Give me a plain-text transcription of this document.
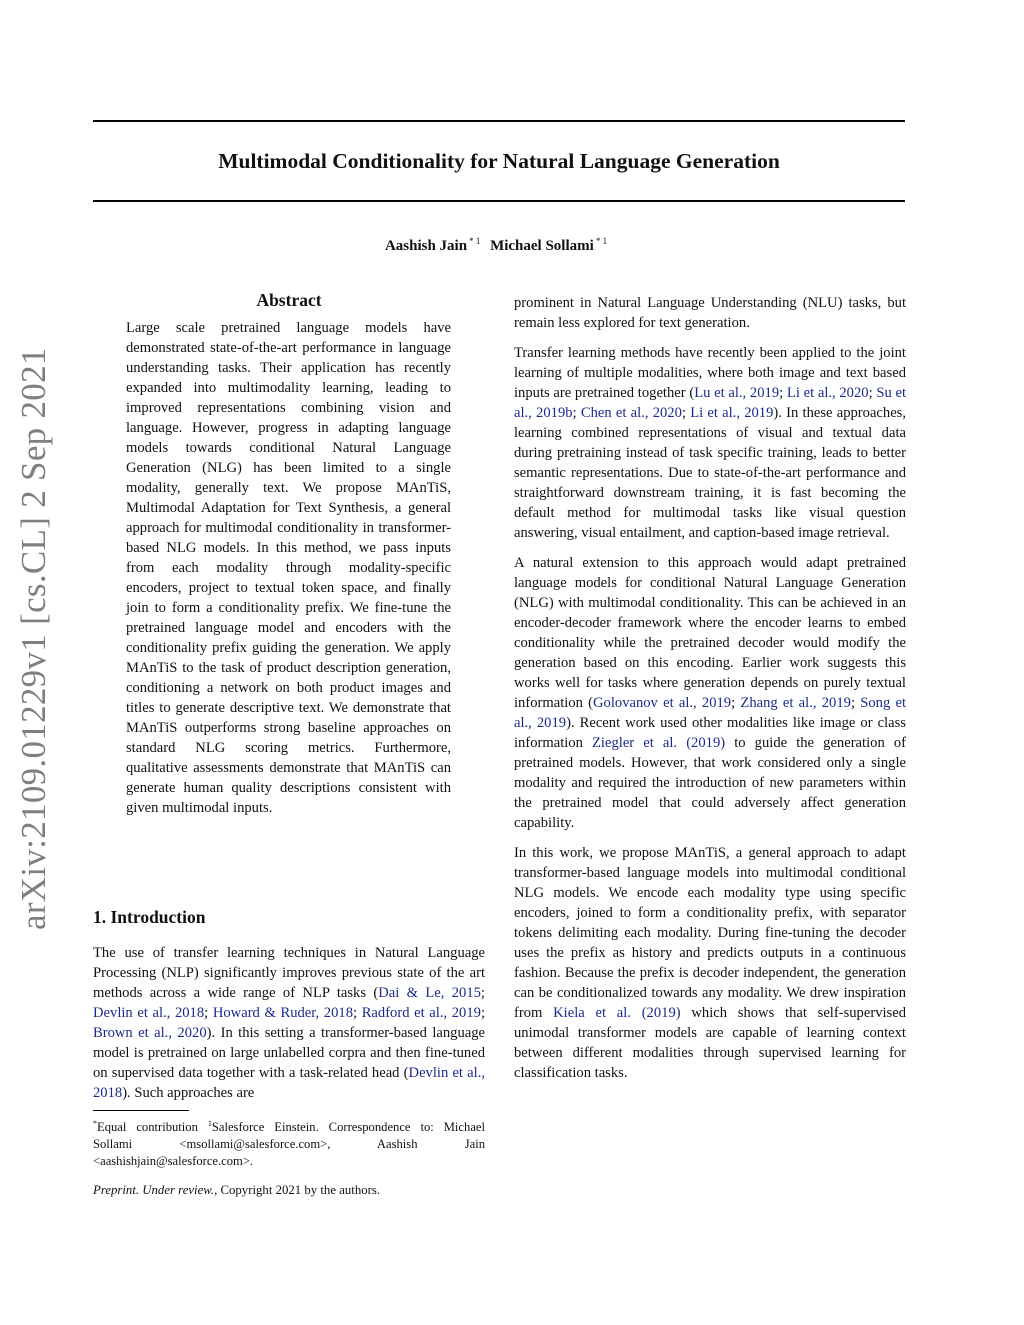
Multimodal Conditionality for Natural Language Generation
Aashish Jain $^{* 1}$ Michael Sollami $^{* 1}$
arXiv:2109.01229v1 [cs.CL] 2 Sep 2021
Abstract

Large scale pretrained language models have demonstrated state-of-the-art performance in language understanding tasks. Their application has recently expanded into multimodality learning, leading to improved representations combining vision and language. However, progress in adapting language models towards conditional Natural Language Generation (NLG) has been limited to a single modality, generally text. We propose MAnTiS, Multimodal Adaptation for Text Synthesis, a general approach for multimodal conditionality in transformer-based NLG models. In this method, we pass inputs from each modality through modality-specific encoders, project to textual token space, and finally join to form a conditionality prefix. We fine-tune the pretrained language model and encoders with the conditionality prefix guiding the generation. We apply MAnTiS to the task of product description generation, conditioning a network on both product images and titles to generate descriptive text. We demonstrate that MAnTiS outperforms strong baseline approaches on standard NLG scoring metrics. Furthermore, qualitative assessments demonstrate that MAnTiS can generate human quality descriptions consistent with given multimodal inputs.

1. Introduction

The use of transfer learning techniques in Natural Language Processing (NLP) significantly improves previous state of the art methods across a wide range of NLP tasks (Dai & Le, 2015; Devlin et al., 2018; Howard & Ruder, 2018; Radford et al., 2019; Brown et al., 2020). In this setting a transformer-based language model is pretrained on large unlabelled corpra and then fine-tuned on supervised data together with a task-related head (Devlin et al., 2018). Such approaches are

*Equal contribution $^1$Salesforce Einstein. Correspondence to: Michael Sollami <msollami@salesforce.com>, Aashish Jain <aashishjain@salesforce.com>.

Preprint. Under review., Copyright 2021 by the authors.

prominent in Natural Language Understanding (NLU) tasks, but remain less explored for text generation.

Transfer learning methods have recently been applied to the joint learning of multiple modalities, where both image and text based inputs are pretrained together (Lu et al., 2019; Li et al., 2020; Su et al., 2019b; Chen et al., 2020; Li et al., 2019). In these approaches, learning combined representations of visual and textual data during pretraining instead of task specific training, leads to better semantic representations. Due to state-of-the-art performance and straightforward downstream training, it is fast becoming the default method for multimodal tasks like visual question answering, visual entailment, and caption-based image retrieval.

A natural extension to this approach would adapt pretrained language models for conditional Natural Language Generation (NLG) with multimodal conditionality. This can be achieved in an encoder-decoder framework where the encoder learns to embed conditionality while the pretrained decoder would modify the generation based on this encoding. Earlier work suggests this works well for tasks where generation depends on purely textual information (Golovanov et al., 2019; Zhang et al., 2019; Song et al., 2019). Recent work used other modalities like image or class information Ziegler et al. (2019) to guide the generation of pretrained models. However, that work considered only a single modality and required the introduction of new parameters within the pretrained model that could adversely affect generation capability.

In this work, we propose MAnTiS, a general approach to adapt transformer-based language models into multimodal conditional NLG models. We encode each modality type using specific encoders, joined to form a conditionality prefix, with separator tokens delimiting each modality. During fine-tuning the decoder uses the prefix as history and predicts outputs in a continuous fashion. Because the prefix is decoder independent, the generation can be conditionalized towards any modality. We drew inspiration from Kiela et al. (2019) which shows that self-supervised unimodal transformer models are capable of learning context between different modalities through supervised learning for classification tasks.
